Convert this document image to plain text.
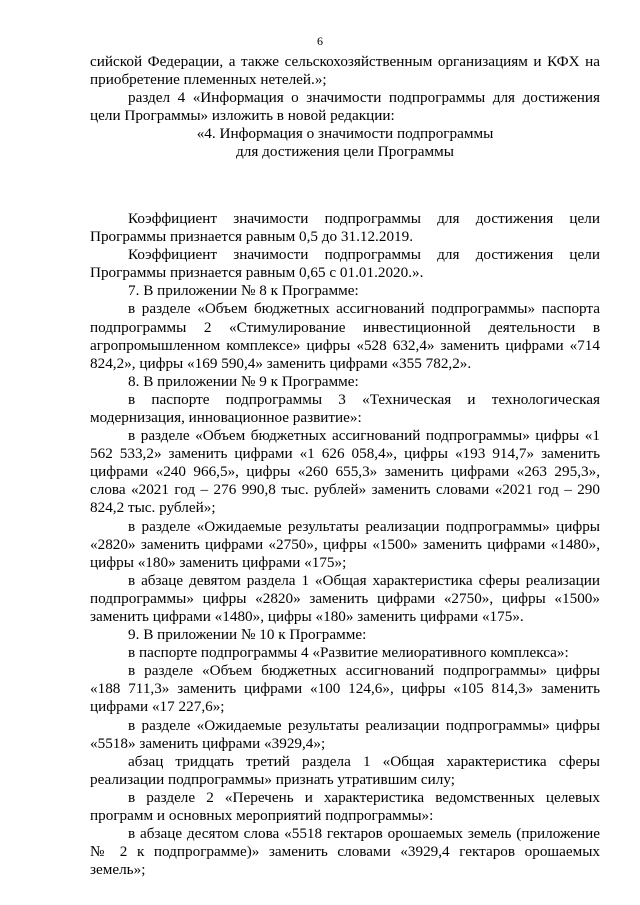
6

сийской Федерации, а также сельскохозяйственным организациям и КФХ на приобретение племенных нетелей.»;

раздел 4 «Информация о значимости подпрограммы для достижения цели Программы» изложить в новой редакции:

«4. Информация о значимости подпрограммы

для достижения цели Программы

Коэффициент значимости подпрограммы для достижения цели Программы признается равным 0,5 до 31.12.2019.

Коэффициент значимости подпрограммы для достижения цели Программы признается равным 0,65 с 01.01.2020.».

7. В приложении № 8 к Программе:

в разделе «Объем бюджетных ассигнований подпрограммы» паспорта подпрограммы 2 «Стимулирование инвестиционной деятельности в агропромышленном комплексе» цифры «528 632,4» заменить цифрами «714 824,2», цифры «169 590,4» заменить цифрами «355 782,2».

8. В приложении № 9 к Программе:

в паспорте подпрограммы 3 «Техническая и технологическая модернизация, инновационное развитие»:

в разделе «Объем бюджетных ассигнований подпрограммы» цифры «1 562 533,2» заменить цифрами «1 626 058,4», цифры «193 914,7» заменить цифрами «240 966,5», цифры «260 655,3» заменить цифрами «263 295,3», слова «2021 год – 276 990,8 тыс. рублей» заменить словами «2021 год – 290 824,2 тыс. рублей»;

в разделе «Ожидаемые результаты реализации подпрограммы» цифры «2820» заменить цифрами «2750», цифры «1500» заменить цифрами «1480», цифры «180» заменить цифрами «175»;

в абзаце девятом раздела 1 «Общая характеристика сферы реализации подпрограммы» цифры «2820» заменить цифрами «2750», цифры «1500» заменить цифрами «1480», цифры «180» заменить цифрами «175».

9. В приложении № 10 к Программе:

в паспорте подпрограммы 4 «Развитие мелиоративного комплекса»:

в разделе «Объем бюджетных ассигнований подпрограммы» цифры «188 711,3» заменить цифрами «100 124,6», цифры «105 814,3» заменить цифрами «17 227,6»;

в разделе «Ожидаемые результаты реализации подпрограммы» цифры «5518» заменить цифрами «3929,4»;

абзац тридцать третий раздела 1 «Общая характеристика сферы реализации подпрограммы» признать утратившим силу;

в разделе 2 «Перечень и характеристика ведомственных целевых программ и основных мероприятий подпрограммы»:

в абзаце десятом слова «5518 гектаров орошаемых земель (приложение № 2 к подпрограмме)» заменить словами «3929,4 гектаров орошаемых земель»;
